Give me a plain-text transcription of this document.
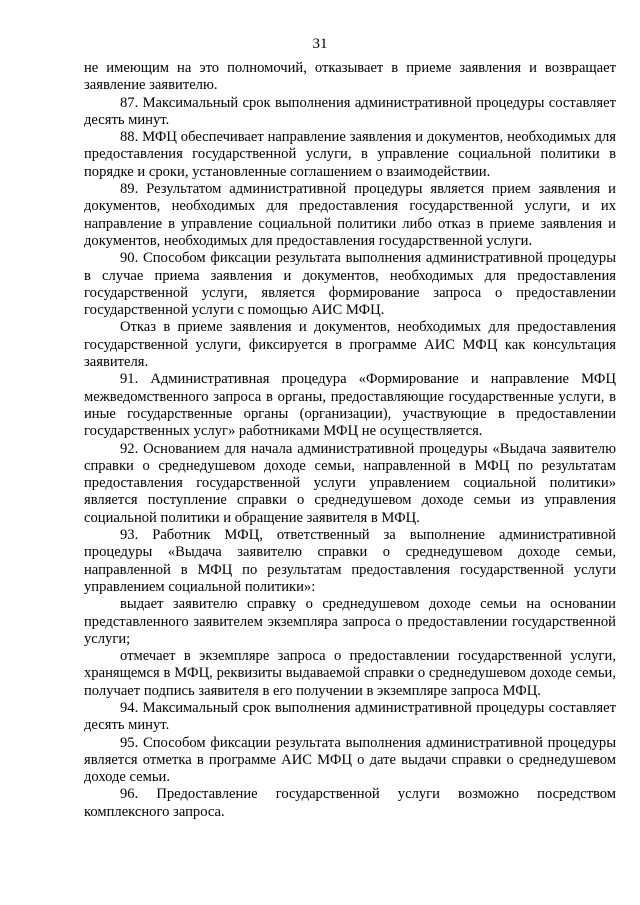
31

не имеющим на это полномочий, отказывает в приеме заявления и возвращает заявление заявителю.

87. Максимальный срок выполнения административной процедуры составляет десять минут.

88. МФЦ обеспечивает направление заявления и документов, необходимых для предоставления государственной услуги, в управление социальной политики в порядке и сроки, установленные соглашением о взаимодействии.

89. Результатом административной процедуры является прием заявления и документов, необходимых для предоставления государственной услуги, и их направление в управление социальной политики либо отказ в приеме заявления и документов, необходимых для предоставления государственной услуги.

90. Способом фиксации результата выполнения административной процедуры в случае приема заявления и документов, необходимых для предоставления государственной услуги, является формирование запроса о предоставлении государственной услуги с помощью АИС МФЦ.

Отказ в приеме заявления и документов, необходимых для предоставления государственной услуги, фиксируется в программе АИС МФЦ как консультация заявителя.

91. Административная процедура «Формирование и направление МФЦ межведомственного запроса в органы, предоставляющие государственные услуги, в иные государственные органы (организации), участвующие в предоставлении государственных услуг» работниками МФЦ не осуществляется.

92. Основанием для начала административной процедуры «Выдача заявителю справки о среднедушевом доходе семьи, направленной в МФЦ по результатам предоставления государственной услуги управлением социальной политики» является поступление справки о среднедушевом доходе семьи из управления социальной политики и обращение заявителя в МФЦ.

93. Работник МФЦ, ответственный за выполнение административной процедуры «Выдача заявителю справки о среднедушевом доходе семьи, направленной в МФЦ по результатам предоставления государственной услуги управлением социальной политики»:

выдает заявителю справку о среднедушевом доходе семьи на основании представленного заявителем экземпляра запроса о предоставлении государственной услуги;

отмечает в экземпляре запроса о предоставлении государственной услуги, хранящемся в МФЦ, реквизиты выдаваемой справки о среднедушевом доходе семьи, получает подпись заявителя в его получении в экземпляре запроса МФЦ.

94. Максимальный срок выполнения административной процедуры составляет десять минут.

95. Способом фиксации результата выполнения административной процедуры является отметка в программе АИС МФЦ о дате выдачи справки о среднедушевом доходе семьи.

96. Предоставление государственной услуги возможно посредством комплексного запроса.
